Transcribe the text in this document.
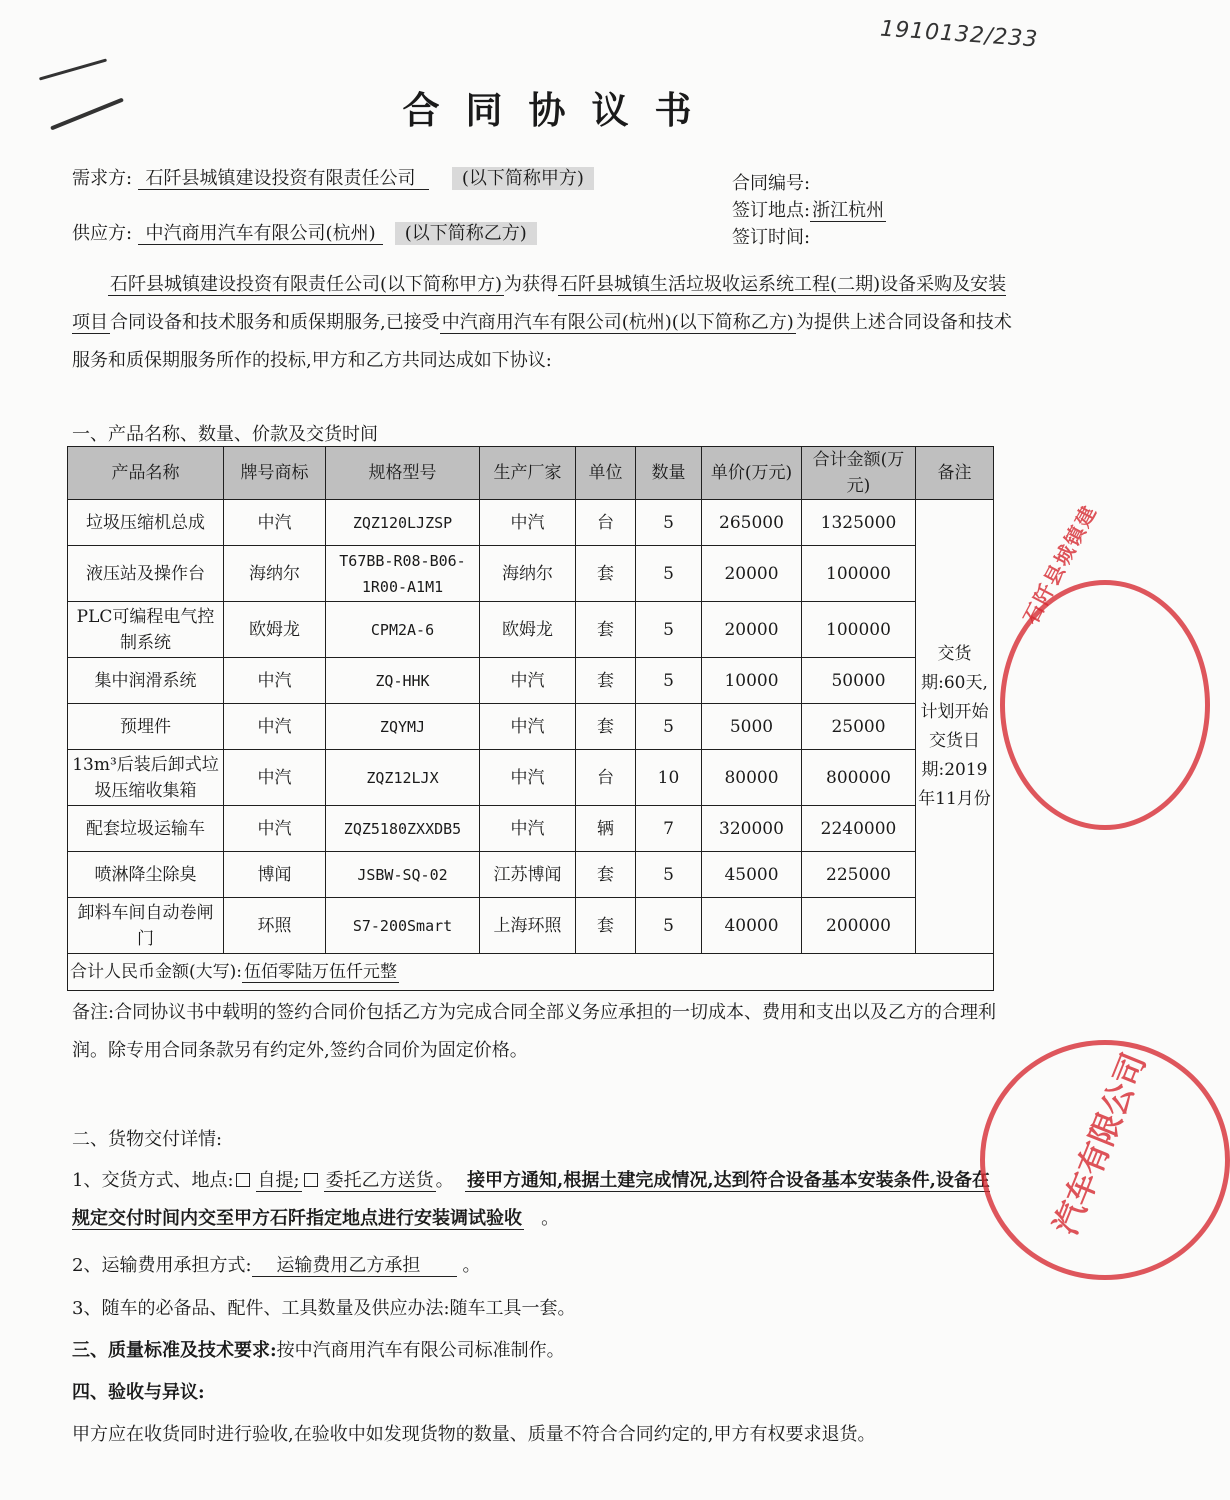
1910132/233
合同协议书
需求方: 石阡县城镇建设投资有限责任公司	(以下简称甲方)
供应方: 中汽商用汽车有限公司(杭州) (以下简称乙方)
合同编号:
签订地点: 浙江杭州
签订时间:

石阡县城镇建设投资有限责任公司(以下简称甲方) 为获得 石阡县城镇生活垃圾收运系统工程(二期)设备采购及安装项目 合同设备和技术服务和质保期服务,已接受 中汽商用汽车有限公司(杭州)(以下简称乙方) 为提供上述合同设备和技术服务和质保期服务所作的投标,甲方和乙方共同达成如下协议:

一、产品名称、数量、价款及交货时间
产品名称	牌号商标	规格型号	生产厂家	单位	数量	单价(万元)	合计金额(万元)	备注
垃圾压缩机总成	中汽	ZQZ120LJZSP	中汽	台	5	265000	1325000	交货期:60天,计划开始交货日期:2019年11月份
液压站及操作台	海纳尔	T67BB-R08-B06-1R00-A1M1	海纳尔	套	5	20000	100000	
PLC可编程电气控制系统	欧姆龙	CPM2A-6	欧姆龙	套	5	20000	100000	
集中润滑系统	中汽	ZQ-HHK	中汽	套	5	10000	50000	
预埋件	中汽	ZQYMJ	中汽	套	5	5000	25000	
13m³后装后卸式垃圾压缩收集箱	中汽	ZQZ12LJX	中汽	台	10	80000	800000	
配套垃圾运输车	中汽	ZQZ5180ZXXDB5	中汽	辆	7	320000	2240000	
喷淋降尘除臭	博闻	JSBW-SQ-02	江苏博闻	套	5	45000	225000	
卸料车间自动卷闸门	环照	S7-200Smart	上海环照	套	5	40000	200000	
合计人民币金额(大写): 伍佰零陆万伍仟元整								
备注:合同协议书中载明的签约合同价包括乙方为完成合同全部义务应承担的一切成本、费用和支出以及乙方的合理利润。除专用合同条款另有约定外,签约合同价为固定价格。
二、货物交付详情:
1、交货方式、地点: 自提; 委托乙方送货 。 接甲方通知,根据土建完成情况,达到符合设备基本安装条件,设备在规定交付时间内交至甲方石阡指定地点进行安装调试验收 。
2、运输费用承担方式: 运输费用乙方承担 。
3、随车的必备品、配件、工具数量及供应办法:随车工具一套。
三、质量标准及技术要求:按中汽商用汽车有限公司标准制作。
四、验收与异议:
甲方应在收货同时进行验收,在验收中如发现货物的数量、质量不符合合同约定的,甲方有权要求退货。
石阡县城镇建
汽车有限公司
